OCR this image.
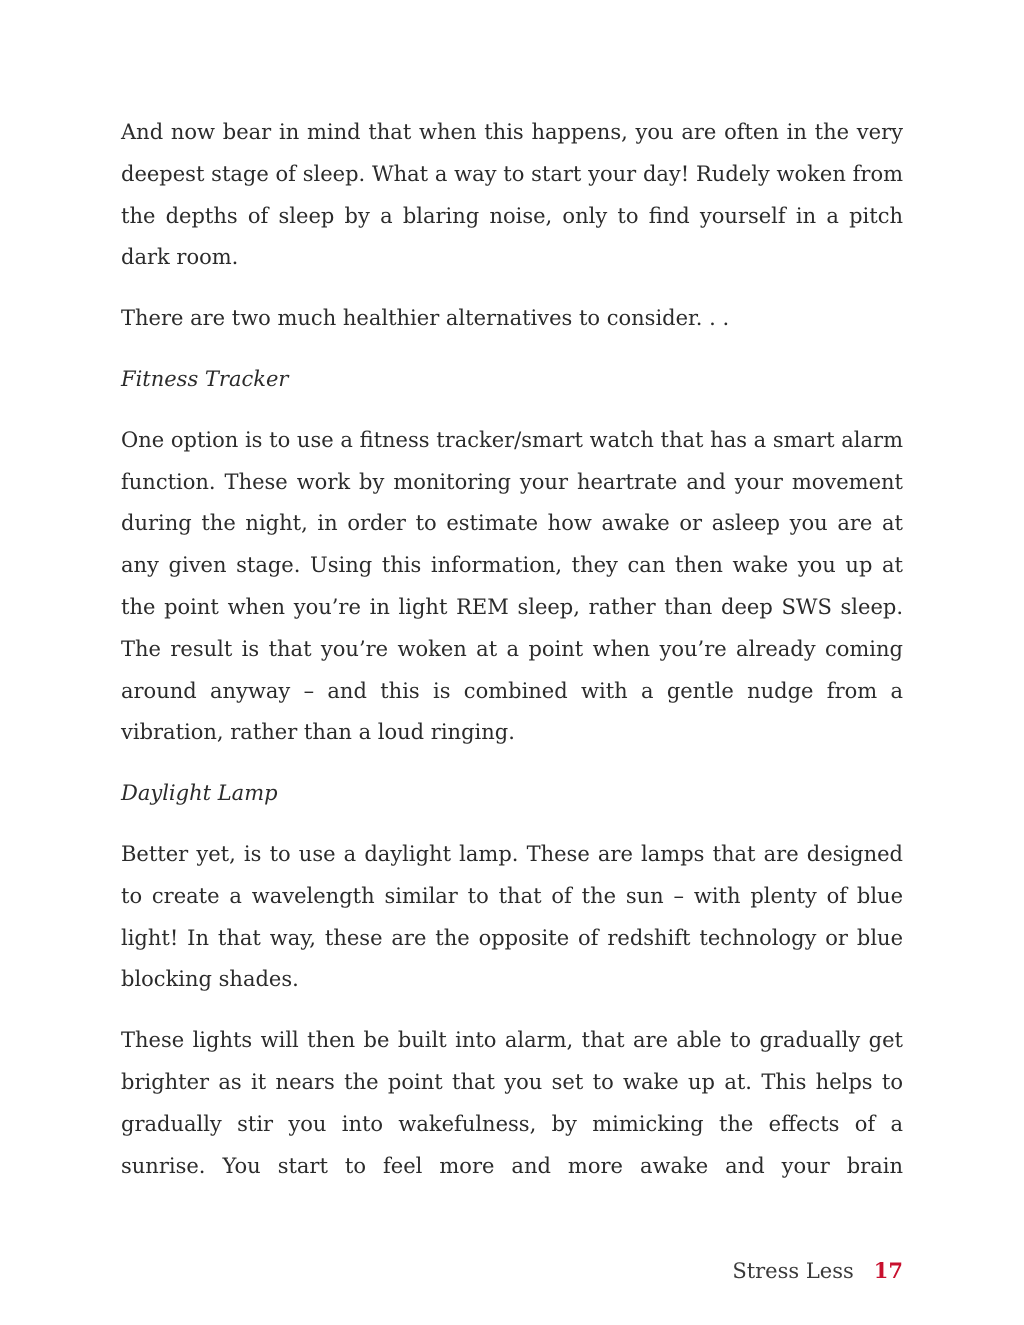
And now bear in mind that when this happens, you are often in the very deepest stage of sleep. What a way to start your day! Rudely woken from the depths of sleep by a blaring noise, only to find yourself in a pitch dark room.

There are two much healthier alternatives to consider. . .

Fitness Tracker

One option is to use a fitness tracker/smart watch that has a smart alarm function. These work by monitoring your heartrate and your movement during the night, in order to estimate how awake or asleep you are at any given stage. Using this information, they can then wake you up at the point when you’re in light REM sleep, rather than deep SWS sleep. The result is that you’re woken at a point when you’re already coming around anyway – and this is combined with a gentle nudge from a vibration, rather than a loud ringing.

Daylight Lamp

Better yet, is to use a daylight lamp. These are lamps that are designed to create a wavelength similar to that of the sun – with plenty of blue light! In that way, these are the opposite of redshift technology or blue blocking shades.

These lights will then be built into alarm, that are able to gradually get brighter as it nears the point that you set to wake up at. This helps to gradually stir you into wakefulness, by mimicking the effects of a sunrise. You start to feel more and more awake and your brain

Stress Less 17
